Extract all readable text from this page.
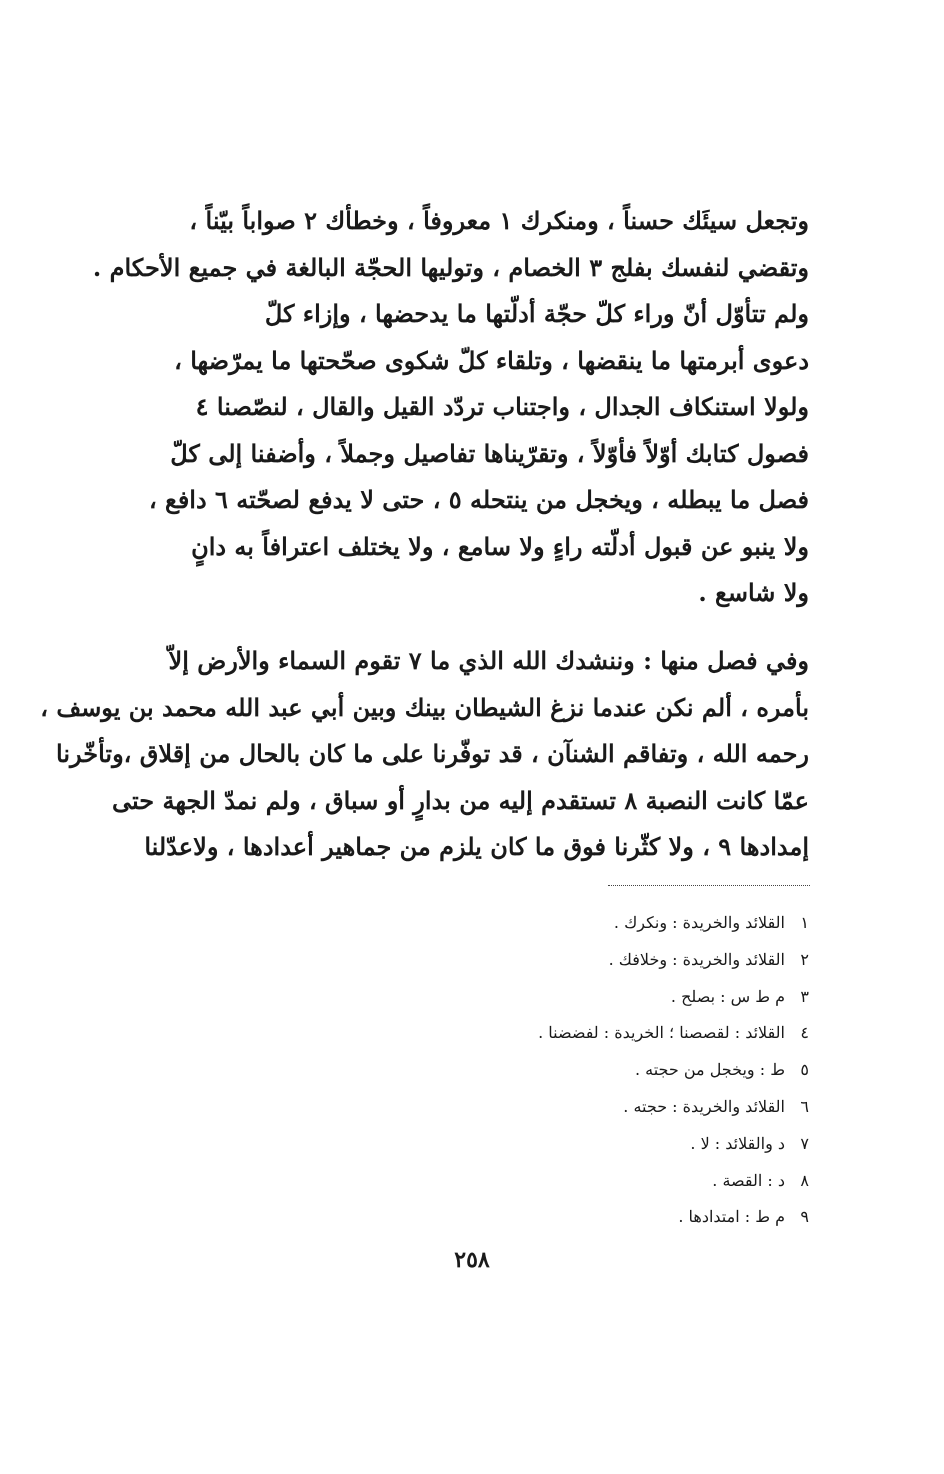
وتجعل سيئَك حسناً ، ومنكرك ١ معروفاً ، وخطأك ٢ صواباً بيّناً ،
وتقضي لنفسك بفلج ٣ الخصام ، وتوليها الحجّة البالغة في جميع الأحكام .
ولم تتأوّل أنّ وراء كلّ حجّة أدلّتها ما يدحضها ، وإزاء كلّ
دعوى أبرمتها ما ينقضها ، وتلقاء كلّ شكوى صحّحتها ما يمرّضها ،
ولولا استنكاف الجدال ، واجتناب تردّد القيل والقال ، لنصّصنا ٤
فصول كتابك أوّلاً فأوّلاً ، وتقرّيناها تفاصيل وجملاً ، وأضفنا إلى كلّ
فصل ما يبطله ، ويخجل من ينتحله ٥ ، حتى لا يدفع لصحّته ٦ دافع ،
ولا ينبو عن قبول أدلّته راءٍ ولا سامع ، ولا يختلف اعترافاً به دانٍ
ولا شاسع .
وفي فصل منها : وننشدك الله الذي ما ٧ تقوم السماء والأرض إلاّ
بأمره ، ألم نكن عندما نزغ الشيطان بينك وبين أبي عبد الله محمد بن يوسف ،
رحمه الله ، وتفاقم الشنآن ، قد توفّرنا على ما كان بالحال من إقلاق ،وتأخّرنا
عمّا كانت النصبة ٨ تستقدم إليه من بدارٍ أو سباق ، ولم نمدّ الجهة حتى
إمدادها ٩ ، ولا كثّرنا فوق ما كان يلزم من جماهير أعدادها ، ولاعدّلنا
١القلائد والخريدة : ونكرك .
٢القلائد والخريدة : وخلافك .
٣م ط س : بصلح .
٤القلائد : لقصصنا ؛ الخريدة : لفضضنا .
٥ط : ويخجل من حجته .
٦القلائد والخريدة : حجته .
٧د والقلائد : لا .
٨د : القصة .
٩م ط : امتدادها .
٢٥٨
